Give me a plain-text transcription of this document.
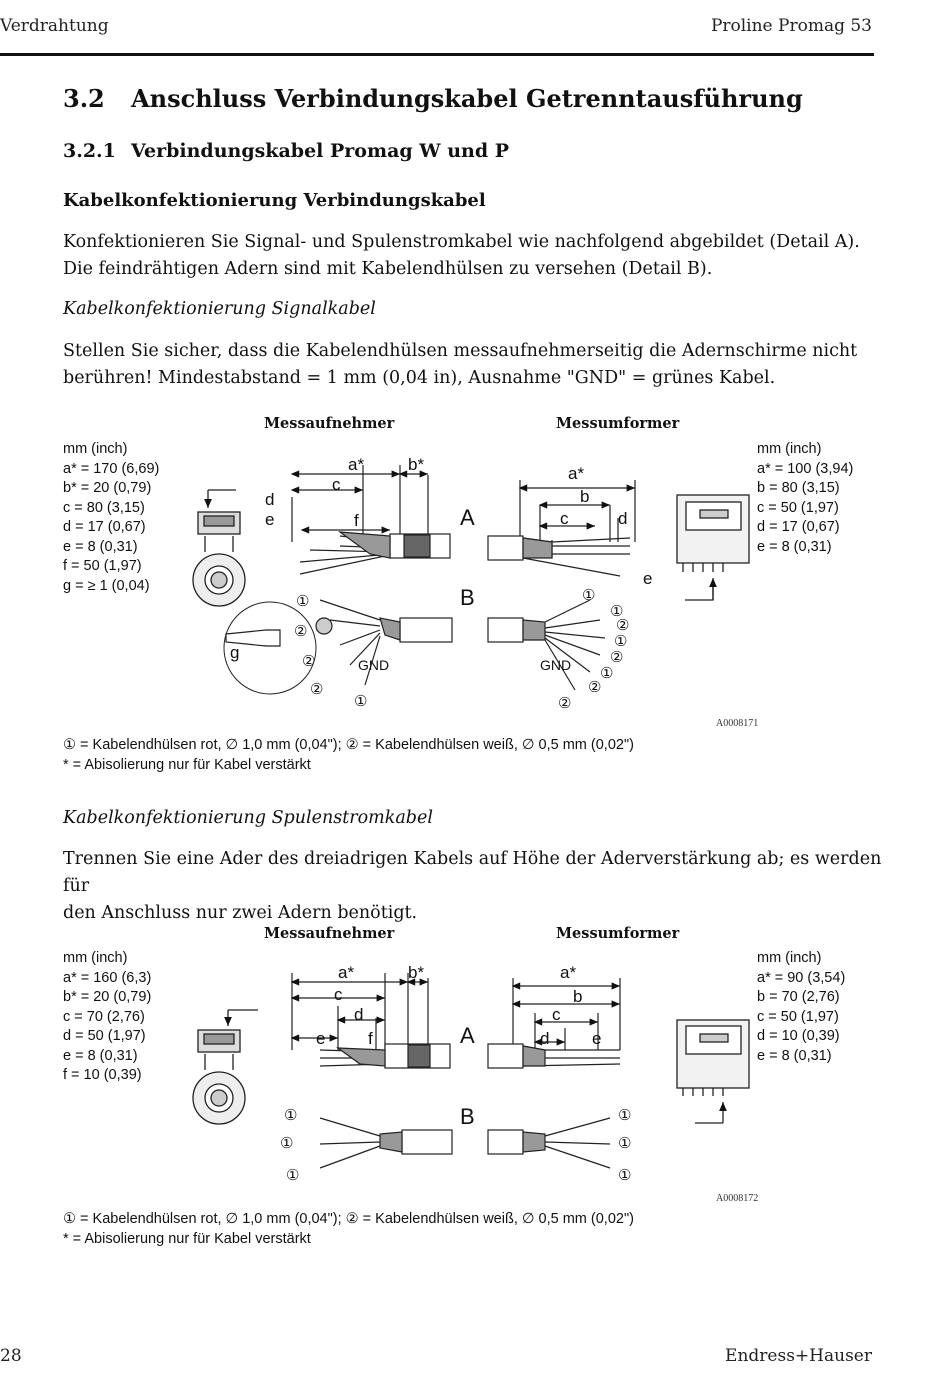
Verdrahtung	Proline Promag 53
3.2 Anschluss Verbindungskabel Getrenntausführung
3.2.1 Verbindungskabel Promag W und P
Kabelkonfektionierung Verbindungskabel

Konfektionieren Sie Signal- und Spulenstromkabel wie nachfolgend abgebildet (Detail A).
Die feindrähtigen Adern sind mit Kabelendhülsen zu versehen (Detail B).

Kabelkonfektionierung Signalkabel

Stellen Sie sicher, dass die Kabelendhülsen messaufnehmerseitig die Adernschirme nicht
berühren! Mindestabstand = 1 mm (0,04 in), Ausnahme "GND" = grünes Kabel.

Messaufnehmer	Messumformer
mm (inch)
a* = 170 (6,69)
b* = 20 (0,79)
c = 80 (3,15)
d = 17 (0,67)
e = 8 (0,31)
f = 50 (1,97)
g = ≥ 1 (0,04)
mm (inch)
a* = 100 (3,94)
b = 80 (3,15)
c = 50 (1,97)
d = 17 (0,67)
e = 8 (0,31)
a*	b*
c
d
e	f	A
B
a*
b
c	d
e
g
GND
①
②
②
②
①
GND
①
①
②
①
②
①
②
②
A0008171

① = Kabelendhülsen rot, ∅ 1,0 mm (0,04"); ② = Kabelendhülsen weiß, ∅ 0,5 mm (0,02")
* = Abisolierung nur für Kabel verstärkt

Kabelkonfektionierung Spulenstromkabel

Trennen Sie eine Ader des dreiadrigen Kabels auf Höhe der Aderverstärkung ab; es werden für
den Anschluss nur zwei Adern benötigt.

Messaufnehmer	Messumformer
mm (inch)
a* = 160 (6,3)
b* = 20 (0,79)
c = 70 (2,76)
d = 50 (1,97)
e = 8 (0,31)
f = 10 (0,39)
mm (inch)
a* = 90 (3,54)
b = 70 (2,76)
c = 50 (1,97)
d = 10 (0,39)
e = 8 (0,31)
a*	b*
c
d
e	f	A
B
a*
b
c
d	e
①
①
①
①
①
①
A0008172

① = Kabelendhülsen rot, ∅ 1,0 mm (0,04"); ② = Kabelendhülsen weiß, ∅ 0,5 mm (0,02")
* = Abisolierung nur für Kabel verstärkt

28	Endress+Hauser
